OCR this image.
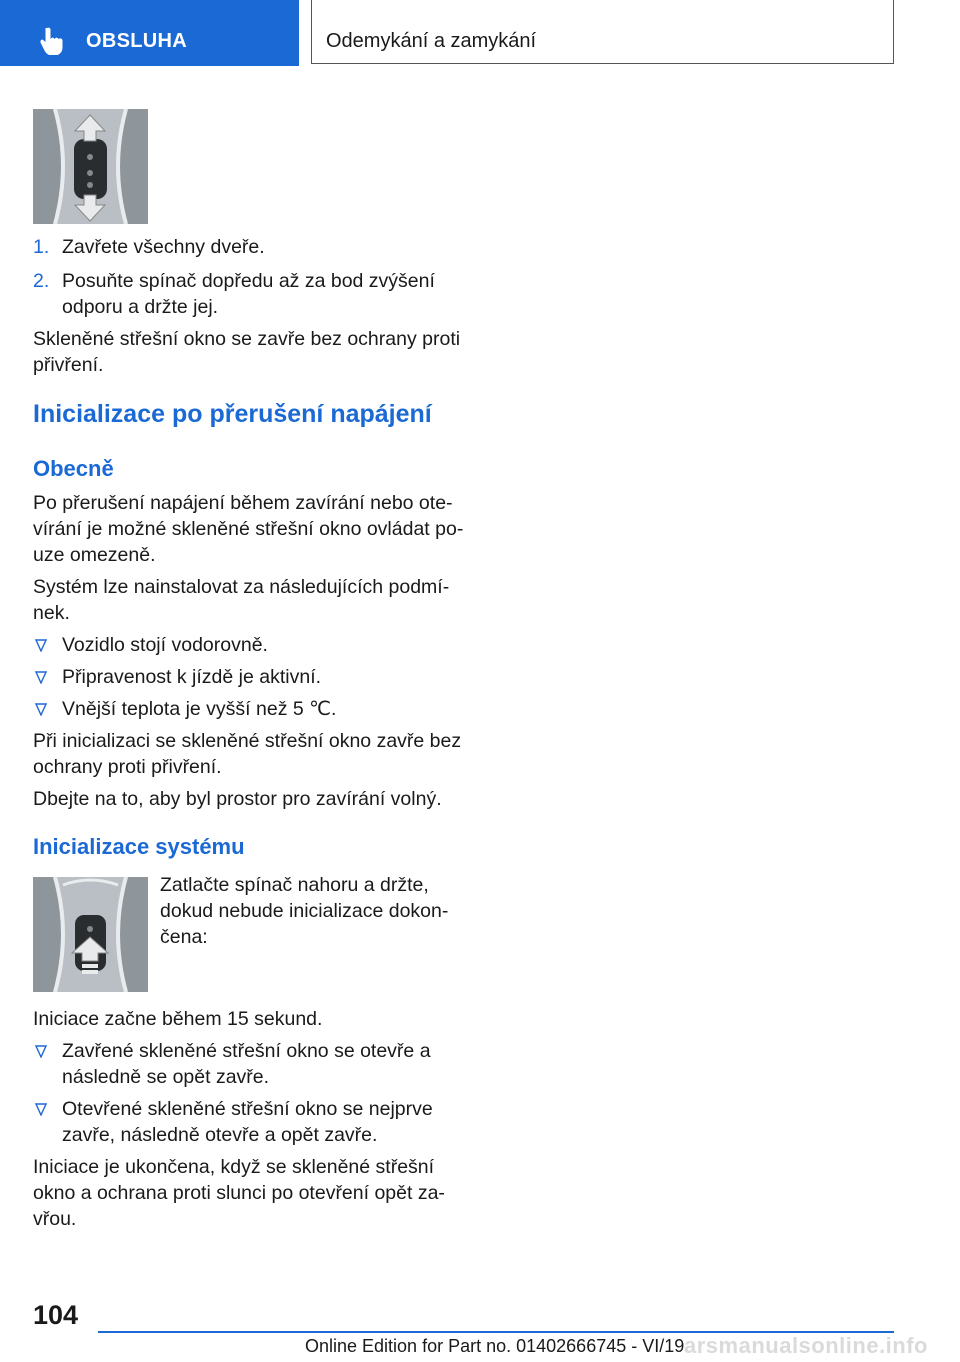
OBSLUHA	Odemykání a zamykání
1. Zavřete všechny dveře.
2. Posuňte spínač dopředu až za bod zvýšení
odporu a držte jej.
Skleněné střešní okno se zavře bez ochrany proti
přivření.
Inicializace po přerušení napájení
Obecně
Po přerušení napájení během zavírání nebo ote-
vírání je možné skleněné střešní okno ovládat po-
uze omezeně.
Systém lze nainstalovat za následujících podmí-
nek.
Vozidlo stojí vodorovně.
Připravenost k jízdě je aktivní.
Vnější teplota je vyšší než 5 ℃.
Při inicializaci se skleněné střešní okno zavře bez
ochrany proti přivření.
Dbejte na to, aby byl prostor pro zavírání volný.
Inicializace systému
Zatlačte spínač nahoru a držte,
dokud nebude inicializace dokon-
čena:
Iniciace začne během 15 sekund.
Zavřené skleněné střešní okno se otevře a
následně se opět zavře.
Otevřené skleněné střešní okno se nejprve
zavře, následně otevře a opět zavře.
Iniciace je ukončena, když se skleněné střešní
okno a ochrana proti slunci po otevření opět za-
vřou.
104
Online Edition for Part no. 01402666745 - VI/19 arsmanualsonline.info
